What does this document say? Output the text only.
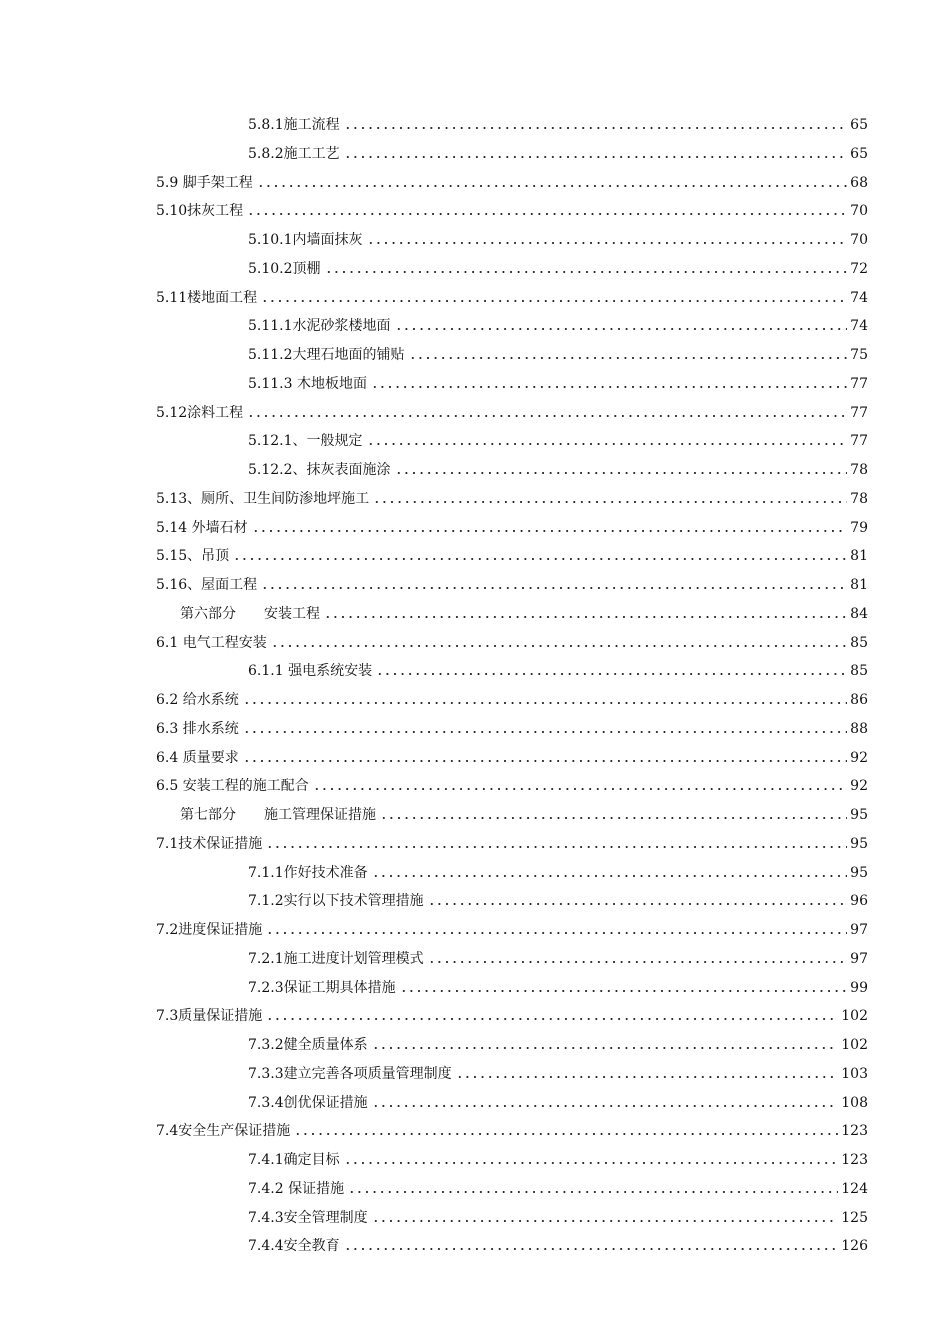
5.8.1施工流程	65
5.8.2施工工艺	65
5.9 脚手架工程	68
5.10抹灰工程	70
5.10.1内墙面抹灰	70
5.10.2顶棚	72
5.11楼地面工程	74
5.11.1水泥砂浆楼地面	74
5.11.2大理石地面的铺贴	75
5.11.3 木地板地面	77
5.12涂料工程	77
5.12.1、一般规定	77
5.12.2、抹灰表面施涂	78
5.13、厕所、卫生间防渗地坪施工	78
5.14 外墙石材	79
5.15、吊顶	81
5.16、屋面工程	81
第六部分　　安装工程	84
6.1 电气工程安装	85
6.1.1 强电系统安装	85
6.2 给水系统	86
6.3 排水系统	88
6.4 质量要求	92
6.5 安装工程的施工配合	92
第七部分　　施工管理保证措施	95
7.1技术保证措施	95
7.1.1作好技术准备	95
7.1.2实行以下技术管理措施	96
7.2进度保证措施	97
7.2.1施工进度计划管理模式	97
7.2.3保证工期具体措施	99
7.3质量保证措施	102
7.3.2健全质量体系	102
7.3.3建立完善各项质量管理制度	103
7.3.4创优保证措施	108
7.4安全生产保证措施	123
7.4.1确定目标	123
7.4.2 保证措施	124
7.4.3安全管理制度	125
7.4.4安全教育	126
